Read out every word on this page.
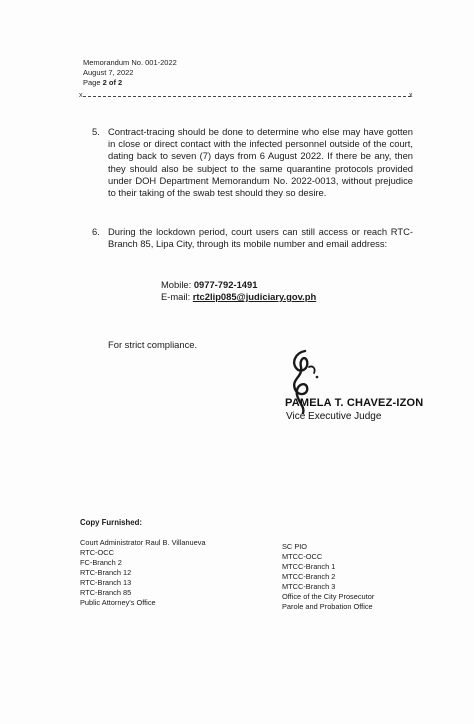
Memorandum No. 001-2022
August 7, 2022
Page 2 of 2
x	x
5. Contract-tracing should be done to determine who else may have gotten in close or direct contact with the infected personnel outside of the court, dating back to seven (7) days from 6 August 2022. If there be any, then they should also be subject to the same quarantine protocols provided under DOH Department Memorandum No. 2022-0013, without prejudice to their taking of the swab test should they so desire.
6. During the lockdown period, court users can still access or reach RTC-Branch 85, Lipa City, through its mobile number and email address:
Mobile: 0977-792-1491
E-mail: rtc2lip085@judiciary.gov.ph
For strict compliance.
PAMELA T. CHAVEZ-IZON
Vice Executive Judge
Copy Furnished:
Court Administrator Raul B. Villanueva
RTC-OCC
FC-Branch 2
RTC-Branch 12
RTC-Branch 13
RTC-Branch 85
Public Attorney's Office
SC PIO
MTCC-OCC
MTCC-Branch 1
MTCC-Branch 2
MTCC-Branch 3
Office of the City Prosecutor
Parole and Probation Office
